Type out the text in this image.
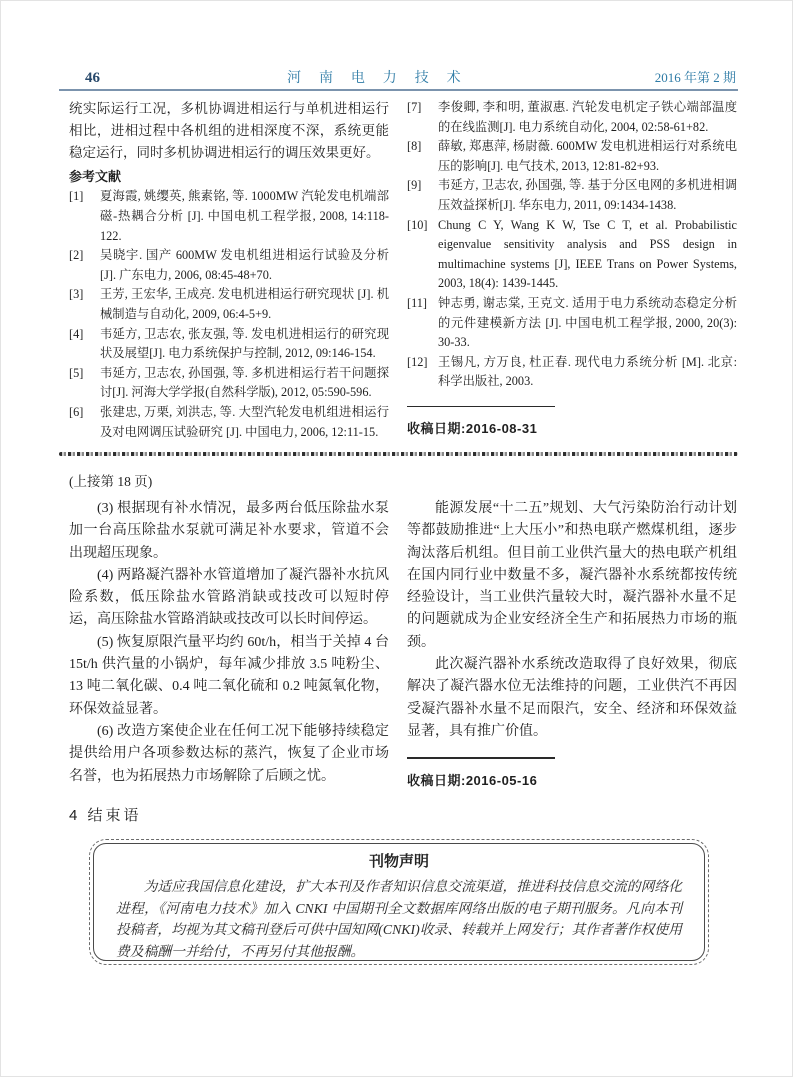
46	河 南 电 力 技 术	2016 年第 2 期
统实际运行工况，多机协调进相运行与单机进相运行相比，进相过程中各机组的进相深度不深，系统更能稳定运行，同时多机协调进相运行的调压效果更好。
参考文献
[1] 夏海霞, 姚缨英, 熊素铭, 等. 1000MW 汽轮发电机端部磁-热耦合分析 [J]. 中国电机工程学报, 2008, 14:118-122.
[2] 吴晓宇. 国产 600MW 发电机组进相运行试验及分析[J]. 广东电力, 2006, 08:45-48+70.
[3] 王芳, 王宏华, 王成亮. 发电机进相运行研究现状 [J]. 机械制造与自动化, 2009, 06:4-5+9.
[4] 韦延方, 卫志农, 张友强, 等. 发电机进相运行的研究现状及展望[J]. 电力系统保护与控制, 2012, 09:146-154.
[5] 韦延方, 卫志农, 孙国强, 等. 多机进相运行若干问题探讨[J]. 河海大学学报(自然科学版), 2012, 05:590-596.
[6] 张建忠, 万栗, 刘洪志, 等. 大型汽轮发电机组进相运行及对电网调压试验研究 [J]. 中国电力, 2006, 12:11-15.
[7] 李俊卿, 李和明, 董淑惠. 汽轮发电机定子铁心端部温度的在线监测[J]. 电力系统自动化, 2004, 02:58-61+82.
[8] 薛敏, 郑惠萍, 杨尉薇. 600MW 发电机进相运行对系统电压的影响[J]. 电气技术, 2013, 12:81-82+93.
[9] 韦延方, 卫志农, 孙国强, 等. 基于分区电网的多机进相调压效益探析[J]. 华东电力, 2011, 09:1434-1438.
[10] Chung C Y, Wang K W, Tse C T, et al. Probabilistic eigenvalue sensitivity analysis and PSS design in multimachine systems [J], IEEE Trans on Power Systems, 2003, 18(4): 1439-1445.
[11] 钟志勇, 谢志棠, 王克文. 适用于电力系统动态稳定分析的元件建模新方法 [J]. 中国电机工程学报, 2000, 20(3): 30-33.
[12] 王锡凡, 方万良, 杜正春. 现代电力系统分析 [M]. 北京: 科学出版社, 2003.
收稿日期:2016-08-31
(上接第 18 页)
(3) 根据现有补水情况，最多两台低压除盐水泵加一台高压除盐水泵就可满足补水要求，管道不会出现超压现象。
(4) 两路凝汽器补水管道增加了凝汽器补水抗风险系数，低压除盐水管路消缺或技改可以短时停运，高压除盐水管路消缺或技改可以长时间停运。
(5) 恢复原限汽量平均约 60t/h，相当于关掉 4 台 15t/h 供汽量的小锅炉，每年减少排放 3.5 吨粉尘、13 吨二氧化碳、0.4 吨二氧化硫和 0.2 吨氮氧化物，环保效益显著。
(6) 改造方案使企业在任何工况下能够持续稳定提供给用户各项参数达标的蒸汽，恢复了企业市场名誉，也为拓展热力市场解除了后顾之忧。
4 结束语
能源发展“十二五”规划、大气污染防治行动计划等都鼓励推进“上大压小”和热电联产燃煤机组，逐步淘汰落后机组。但目前工业供汽量大的热电联产机组在国内同行业中数量不多，凝汽器补水系统都按传统经验设计，当工业供汽量较大时，凝汽器补水量不足的问题就成为企业安经济全生产和拓展热力市场的瓶颈。
此次凝汽器补水系统改造取得了良好效果，彻底解决了凝汽器水位无法维持的问题，工业供汽不再因受凝汽器补水量不足而限汽，安全、经济和环保效益显著，具有推广价值。
收稿日期:2016-05-16
刊物声明
为适应我国信息化建设，扩大本刊及作者知识信息交流渠道，推进科技信息交流的网络化进程，《河南电力技术》加入 CNKI 中国期刊全文数据库网络出版的电子期刊服务。凡向本刊投稿者，均视为其文稿刊登后可供中国知网(CNKI)收录、转载并上网发行；其作者著作权使用费及稿酬一并给付，不再另付其他报酬。
